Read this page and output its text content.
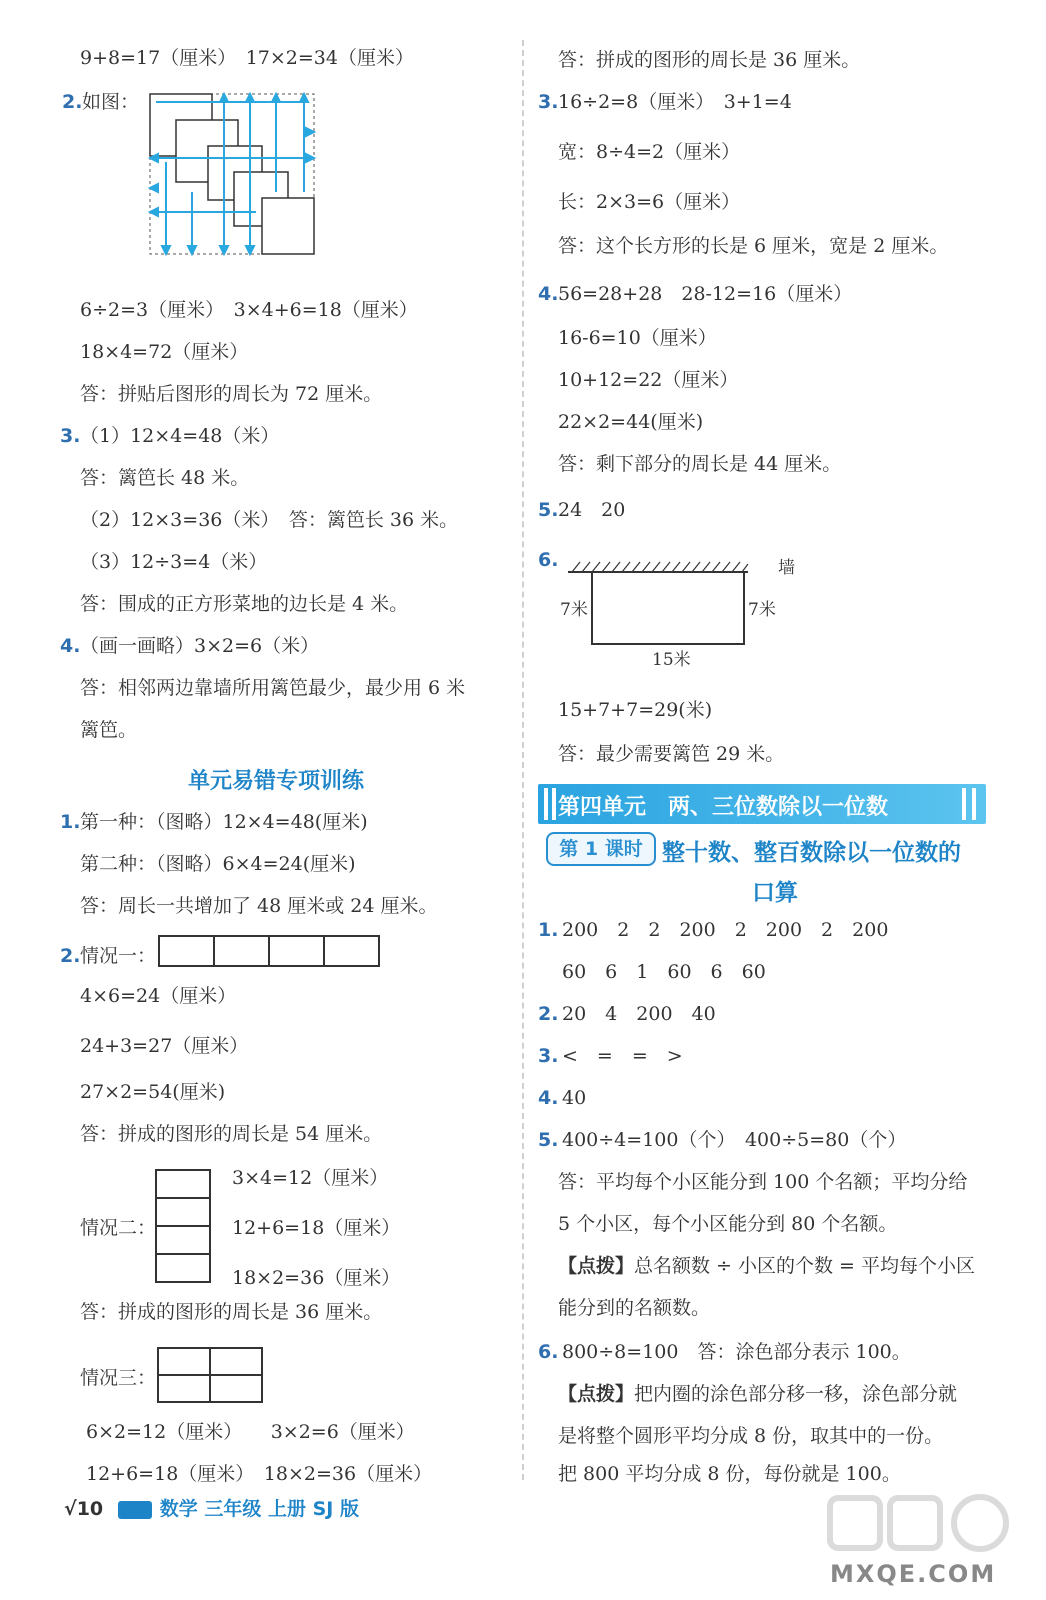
9+8=17（厘米）　17×2=34（厘米）
2. 如图：
6÷2=3（厘米）　3×4+6=18（厘米）
18×4=72（厘米）
答：拼贴后图形的周长为 72 厘米。
3. （1）12×4=48（米）
答：篱笆长 48 米。
（2）12×3=36（米）　答：篱笆长 36 米。
（3）12÷3=4（米）
答：围成的正方形菜地的边长是 4 米。
4. （画一画略）3×2=6（米）
答：相邻两边靠墙所用篱笆最少，最少用 6 米
篱笆。
单元易错专项训练
1. 第一种：（图略）12×4=48(厘米)
第二种：（图略）6×4=24(厘米)
答：周长一共增加了 48 厘米或 24 厘米。
2. 情况一：
4×6=24（厘米）
24+3=27（厘米）
27×2=54(厘米)
答：拼成的图形的周长是 54 厘米。
情况二：
3×4=12（厘米）
12+6=18（厘米）
18×2=36（厘米）
答：拼成的图形的周长是 36 厘米。
情况三：
6×2=12（厘米）　　3×2=6（厘米）
12+6=18（厘米）　18×2=36（厘米）
答：拼成的图形的周长是 36 厘米。
3. 16÷2=8（厘米）　3+1=4
宽：8÷4=2（厘米）
长：2×3=6（厘米）
答：这个长方形的长是 6 厘米，宽是 2 厘米。
4. 56=28+28　28-12=16（厘米）
16-6=10（厘米）
10+12=22（厘米）
22×2=44(厘米)
答：剩下部分的周长是 44 厘米。
5. 24　20
6.	墙
7米	7米
15米
15+7+7=29(米)
答：最少需要篱笆 29 米。
第四单元　两、三位数除以一位数
第 1 课时 整十数、整百数除以一位数的
口算
1. 200　2　2　200　2　200　2　200
60　6　1　60　6　60
2. 20　4　200　40
3. <　=　=　>
4. 40
5. 400÷4=100（个）　400÷5=80（个）
答：平均每个小区能分到 100 个名额；平均分给
5 个小区，每个小区能分到 80 个名额。
【点拨】总名额数 ÷ 小区的个数 = 平均每个小区
能分到的名额数。
6. 800÷8=100　答：涂色部分表示 100。
【点拨】把内圈的涂色部分移一移，涂色部分就
是将整个圆形平均分成 8 份，取其中的一份。
把 800 平均分成 8 份，每份就是 100。
√10	数学 三年级 上册 SJ 版
MXQE.COM
